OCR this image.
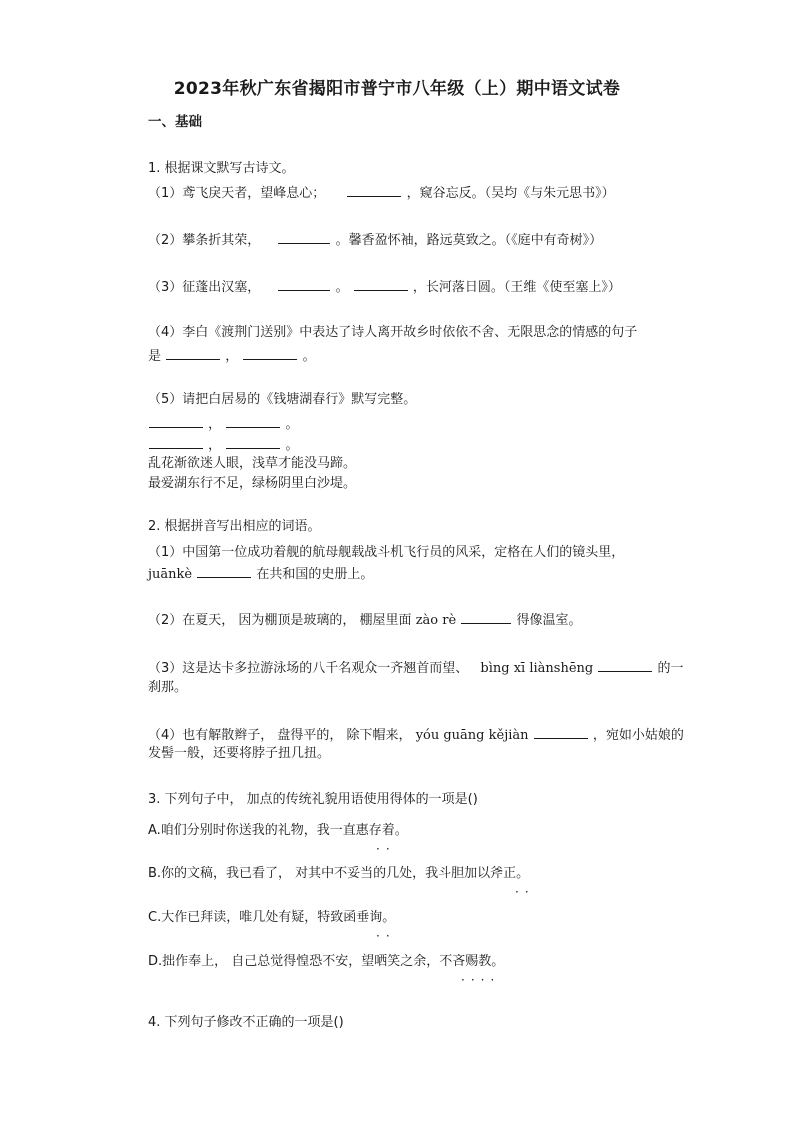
2023年秋广东省揭阳市普宁市八年级（上）期中语文试卷
一、基础
1. 根据课文默写古诗文。
（1）鸢飞戾天者，望峰息心；	，窥谷忘反。（吴均《与朱元思书》）
（2）攀条折其荣，	。馨香盈怀袖，路远莫致之。（《庭中有奇树》）
（3）征蓬出汉塞，	。	，长河落日圆。（王维《使至塞上》）
（4）李白《渡荆门送别》中表达了诗人离开故乡时依依不舍、无限思念的情感的句子
是	，	。
（5）请把白居易的《钱塘湖春行》默写完整。
，	。
，	。
乱花渐欲迷人眼，浅草才能没马蹄。
最爱湖东行不足，绿杨阴里白沙堤。
2. 根据拼音写出相应的词语。
（1）中国第一位成功着舰的航母舰载战斗机飞行员的风采，定格在人们的镜头里，
juānkè	在共和国的史册上。
（2）在夏天， 因为棚顶是玻璃的， 棚屋里面 zào rè	得像温室。
（3）这是达卡多拉游泳场的八千名观众一齐翘首而望、 bìng xī liànshēng	的一
刹那。
（4）也有解散辫子， 盘得平的， 除下帽来， yóu guāng kějiàn	，宛如小姑娘的
发髻一般，还要将脖子扭几扭。
3. 下列句子中， 加点的传统礼貌用语使用得体的一项是()
A.咱们分别时你送我的礼物，我一直惠存着。
··
B.你的文稿，我已看了， 对其中不妥当的几处，我斗胆加以斧正。
··
C.大作已拜读，唯几处有疑，特致函垂询。
··
D.拙作奉上， 自己总觉得惶恐不安，望哂笑之余，不吝赐教。
····
4. 下列句子修改不正确的一项是()
